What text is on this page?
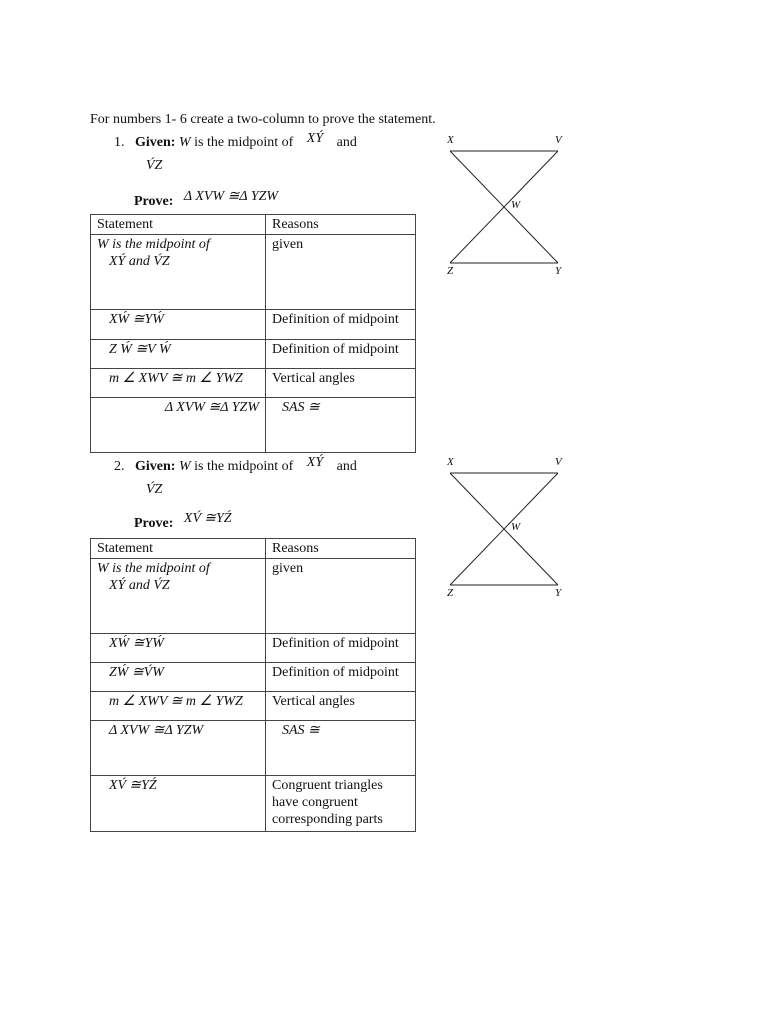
For numbers 1- 6 create a two-column to prove the statement.
1. Given: W is the midpoint of XÝ and
V́Z
Prove: Δ XVW ≅Δ YZW
Statement	Reasons

W is the midpoint of
XÝ and V́Z	given
XẂ ≅YẂ	Definition of midpoint
Z Ẃ ≅V Ẃ	Definition of midpoint
m ∠ XWV ≅ m ∠ YWZ	Vertical angles
Δ XVW ≅Δ YZW	SAS ≅
X	V
W
Z	Y
2. Given: W is the midpoint of XÝ and
V́Z
Prove: XV́ ≅YŹ
Statement	Reasons

W is the midpoint of
XÝ and V́Z	given
XẂ ≅YẂ	Definition of midpoint
ZẂ ≅V́W	Definition of midpoint
m ∠ XWV ≅ m ∠ YWZ	Vertical angles
Δ XVW ≅Δ YZW	SAS ≅
XV́ ≅YŹ	Congruent triangles have congruent corresponding parts
X	V
W
Z	Y
